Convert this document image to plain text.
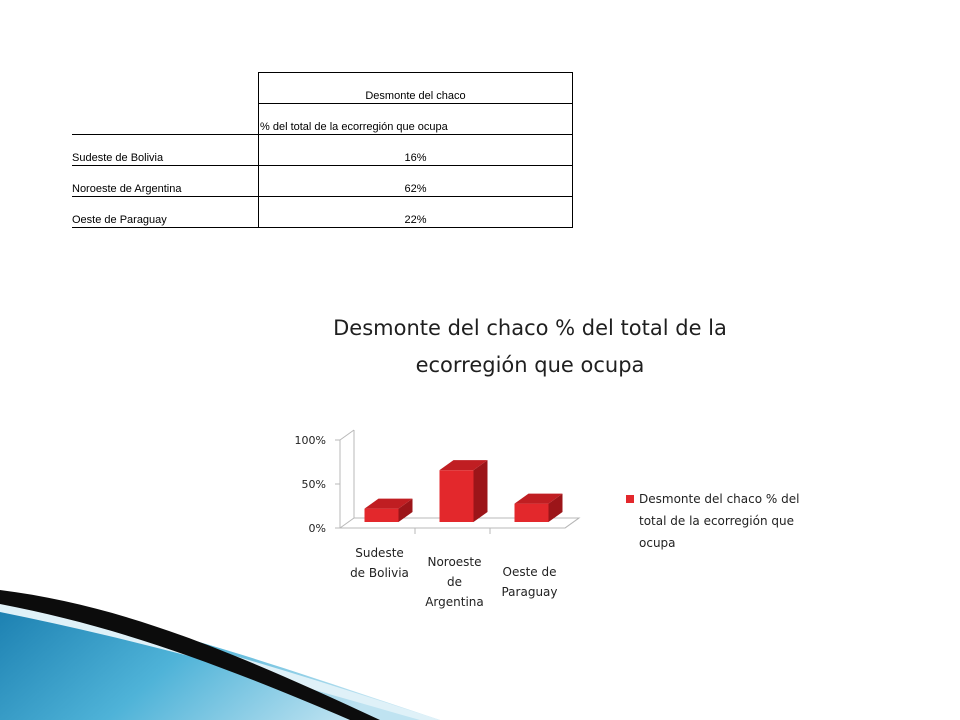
	Desmonte del chaco
	% del total de la ecorregión que ocupa
Sudeste de Bolivia	16%
Noroeste de Argentina	62%
Oeste de Paraguay	22%
Desmonte del chaco % del total de la ecorregión que ocupa
0%
50%
100%
Sudeste
de Bolivia
Noroeste
de
Argentina
Oeste de
Paraguay
Desmonte del chaco % del
total de la ecorregión que
ocupa
